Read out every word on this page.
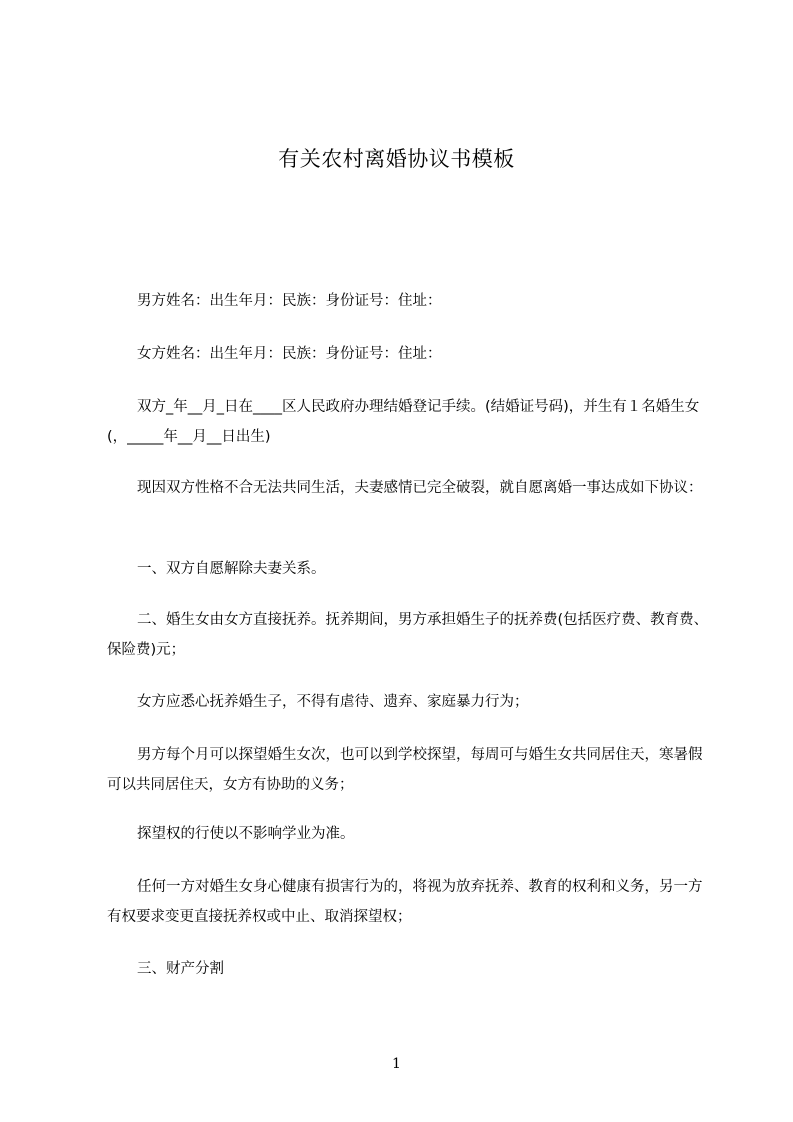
有关农村离婚协议书模板
男方姓名：出生年月：民族：身份证号：住址：
女方姓名：出生年月：民族：身份证号：住址：
双方_年__月_日在____区人民政府办理结婚登记手续。(结婚证号码)，并生有１名婚生女(，_____年__月__日出生)
现因双方性格不合无法共同生活，夫妻感情已完全破裂，就自愿离婚一事达成如下协议：
一、双方自愿解除夫妻关系。
二、婚生女由女方直接抚养。抚养期间，男方承担婚生子的抚养费(包括医疗费、教育费、保险费)元；
女方应悉心抚养婚生子，不得有虐待、遗弃、家庭暴力行为；
男方每个月可以探望婚生女次，也可以到学校探望，每周可与婚生女共同居住天，寒暑假可以共同居住天，女方有协助的义务；
探望权的行使以不影响学业为准。
任何一方对婚生女身心健康有损害行为的，将视为放弃抚养、教育的权利和义务，另一方有权要求变更直接抚养权或中止、取消探望权；
三、财产分割
1
